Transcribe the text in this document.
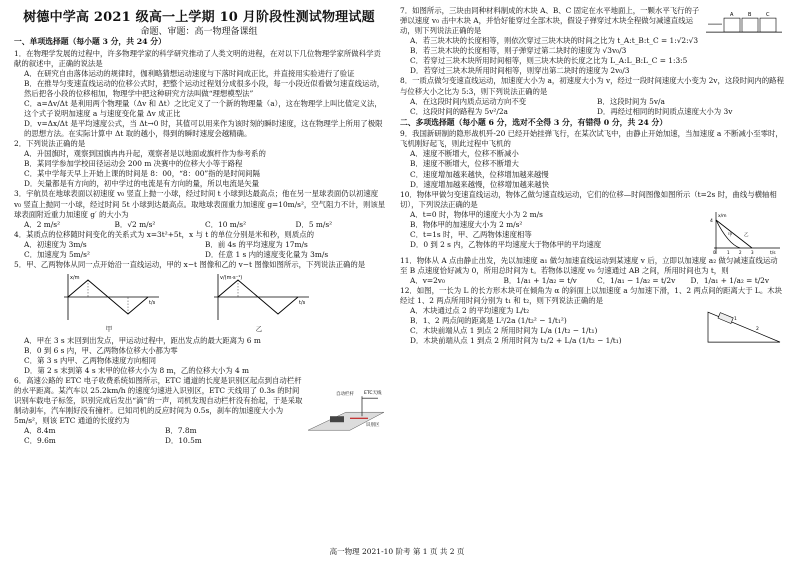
树德中学高 2021 级高一上学期 10 月阶段性测试物理试题
命题、审题：高一物理备课组
一、单项选择题（每小题 3 分，共 24 分）

1．在物理学发展的过程中，许多物理学家的科学研究推动了人类文明的进程，在对以下几位物理学家所做科学贡献的叙述中，正确的说法是

A．在研究自由落体运动的规律时，伽利略猜想运动速度与下落时间成正比，并直接用实验进行了验证

B．在推导匀变速直线运动的位移公式时，把整个运动过程划分成很多小段，每一小段近似看做匀速直线运动，然后把各小段的位移相加，物理学中把这种研究方法叫做“理想模型法”

C．a=Δv/Δt 是利用两个物理量（Δv 和 Δt）之比定义了一个新的物理量（a），这在物理学上叫比值定义法，这个式子说明加速度 a 与速度变化量 Δv 成正比

D．v=Δx/Δt 是平均速度公式，当 Δt→0 时，其值可以用来作为该时刻的瞬时速度，这在物理学上所用了极限的思想方法。在实际计算中 Δt 取的越小，得到的瞬时速度会越精确。

2．下列说法正确的是

A．升国旗时，观察到国旗冉冉升起，观察者是以地面或旗杆作为参考系的

B．某同学参加学校田径运动会 200 m 决赛中的位移大小等于路程

C．某中学每天早上开始上课的时间是 8：00，“8：00”指的是时间间隔

D．矢量都是有方向的，初中学过的电流是有方向的量，所以电流是矢量

3．宇航员在地球表面以初速度 v₀ 竖直上抛一小球，经过时间 t 小球到达最高点；他在另一星球表面仍以初速度 v₀ 竖直上抛同一小球，经过时间 5t 小球到达最高点。取地球表面重力加速度 g=10m/s²，空气阻力不计，则该星球表面附近重力加速度 g′ 的大小为

A．2 m/s²	B．√2 m/s²	C．10 m/s²	D．5 m/s²

4．某质点的位移随时间变化的关系式为 x=3t²+5t，x 与 t 的单位分别是米和秒，则质点的

A．初速度为 3m/s	B．前 4s 的平均速度为 17m/s
C．加速度为 5m/s²	D．任意 1 s 内的速度变化量为 3m/s

5．甲、乙两物体从同一点开始沿一直线运动，甲的 x−t 图像和乙的 v−t 图像如图所示，下列说法正确的是

x/m
t/s
甲
v/(m·s⁻¹)
t/s
乙

A．甲在 3 s 末回到出发点，甲运动过程中，距出发点的最大距离为 6 m

B．0 到 6 s 内，甲、乙两物体位移大小都为零

C．第 3 s 内甲、乙两物体速度方向相同

D．第 2 s 末到第 4 s 末甲的位移大小为 8 m，乙的位移大小为 4 m

6．高速公路的 ETC 电子收费系统如图所示，ETC 通道的长度是识别区起点到自动栏杆的水平距离。某汽车以 25.2km/h 的速度匀速进入识别区，ETC 天线用了 0.3s 的时间识别车载电子标签，识别完成后发出“滴”的一声，司机发现自动栏杆没有抬起，于是采取制动刹车，汽车刚好没有撞杆。已知司机的反应时间为 0.5s，刹车的加速度大小为 5m/s²，则该 ETC 通道的长度约为

A．8.4m	B．7.8m
C．9.6m	D．10.5m
自动栏杆 ETC天线
识别区

7．如图所示，三块由同种材料制成的木块 A、B、C 固定在水平地面上，一颗水平飞行的子弹以速度 v₀ 击中木块 A，并恰好能穿过全部木块，假设子弹穿过木块全程做匀减速直线运动，则下列说法正确的是

A	B	C

A．若三块木块的长度相等，则依次穿过三块木块的时间之比为 t_A:t_B:t_C = 1:√2:√3

B．若三块木块的长度相等，则子弹穿过第二块时的速度为 √3v₀/3

C．若穿过三块木块所用时间相等，则三块木块的长度之比为 L_A:L_B:L_C = 1:3:5

D．若穿过三块木块所用时间相等，则穿出第二块时的速度为 2v₀/3

8．一质点做匀变速直线运动，加速度大小为 a，初速度大小为 v，经过一段时间速度大小变为 2v，这段时间内的路程与位移大小之比为 5:3，则下列说法正确的是

A．在这段时间内质点运动方向不变	B．这段时间为 5v/a
C．这段时间的路程为 5v²/2a	D．再经过相同的时间质点速度大小为 3v
二、多项选择题（每小题 6 分，选对不全得 3 分，有错得 0 分，共 24 分）

9．我国新研制的隐形战机歼-20 已经开始挂弹飞行，在某次试飞中，由静止开始加速，当加速度 a 不断减小至零时，飞机刚好起飞，则此过程中飞机的

A．速度不断增大，位移不断减小

B．速度不断增大，位移不断增大

C．速度增加越来越快，位移增加越来越慢

D．速度增加越来越慢，位移增加越来越快

10．物体甲做匀变速直线运动，物体乙做匀速直线运动，它们的位移—时间图像如图所示（t=2s 时，曲线与横轴相切），下列说法正确的是

A．t=0 时，物体甲的速度大小为 2 m/s

B．物体甲的加速度大小为 2 m/s²

C．t=1s 时，甲、乙两物体速度相等

D．0 到 2 s 内，乙物体的平均速度大于物体甲的平均速度

x/m
t/s
4
0	1 2 3
甲	乙

11．物体从 A 点由静止出发，先以加速度 a₁ 做匀加速直线运动到某速度 v 后，立即以加速度 a₂ 做匀减速直线运动至 B 点速度恰好减为 0，所用总时间为 t。若物体以速度 v₀ 匀速通过 AB 之间，所用时间也为 t，则

A．v=2v₀	B．1/a₁ + 1/a₂ = t/v	C．1/a₁ − 1/a₂ = t/2v	D．1/a₁ + 1/a₂ = t/2v

12．如图，一长为 L 的长方形木块可在倾角为 α 的斜面上以加速度 a 匀加速下滑，1、2 两点间的距离大于 L。木块经过 1、2 两点所用时间分别为 t₁ 和 t₂，则下列说法正确的是

A．木块通过点 2 的平均速度为 L/t₂

B．1、2 两点间的距离是 L²/2a (1/t₂² − 1/t₁²)

C．木块前端从点 1 到点 2 所用时间为 L/a (1/t₂ − 1/t₁)

D．木块前端从点 1 到点 2 所用时间为 t₁/2 + L/a (1/t₂ − 1/t₁)

1
2
高一物理 2021-10 阶考 第 1 页 共 2 页
